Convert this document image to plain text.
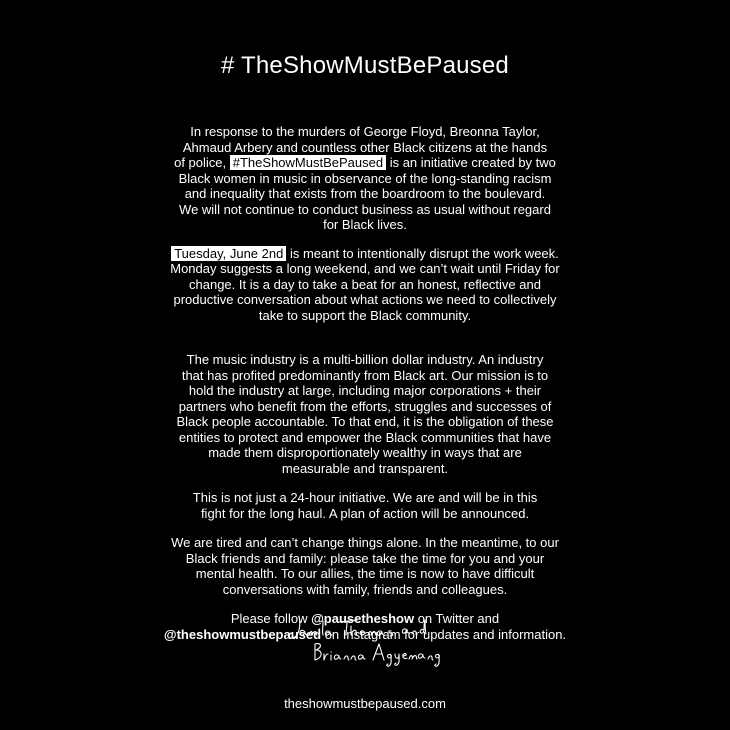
# TheShowMustBePaused

In response to the murders of George Floyd, Breonna Taylor,
Ahmaud Arbery and countless other Black citizens at the hands
of police, #TheShowMustBePaused is an initiative created by two
Black women in music in observance of the long-standing racism
and inequality that exists from the boardroom to the boulevard.
We will not continue to conduct business as usual without regard
for Black lives.

Tuesday, June 2nd is meant to intentionally disrupt the work week.
Monday suggests a long weekend, and we can’t wait until Friday for
change. It is a day to take a beat for an honest, reflective and
productive conversation about what actions we need to collectively
take to support the Black community.

The music industry is a multi-billion dollar industry. An industry
that has profited predominantly from Black art. Our mission is to
hold the industry at large, including major corporations + their
partners who benefit from the efforts, struggles and successes of
Black people accountable. To that end, it is the obligation of these
entities to protect and empower the Black communities that have
made them disproportionately wealthy in ways that are
measurable and transparent.

This is not just a 24-hour initiative. We are and will be in this
fight for the long haul. A plan of action will be announced.

We are tired and can’t change things alone. In the meantime, to our
Black friends and family: please take the time for you and your
mental health. To our allies, the time is now to have difficult
conversations with family, friends and colleagues.

Please follow @pausetheshow on Twitter and
@theshowmustbepaused on Instagram for updates and information.

theshowmustbepaused.com
